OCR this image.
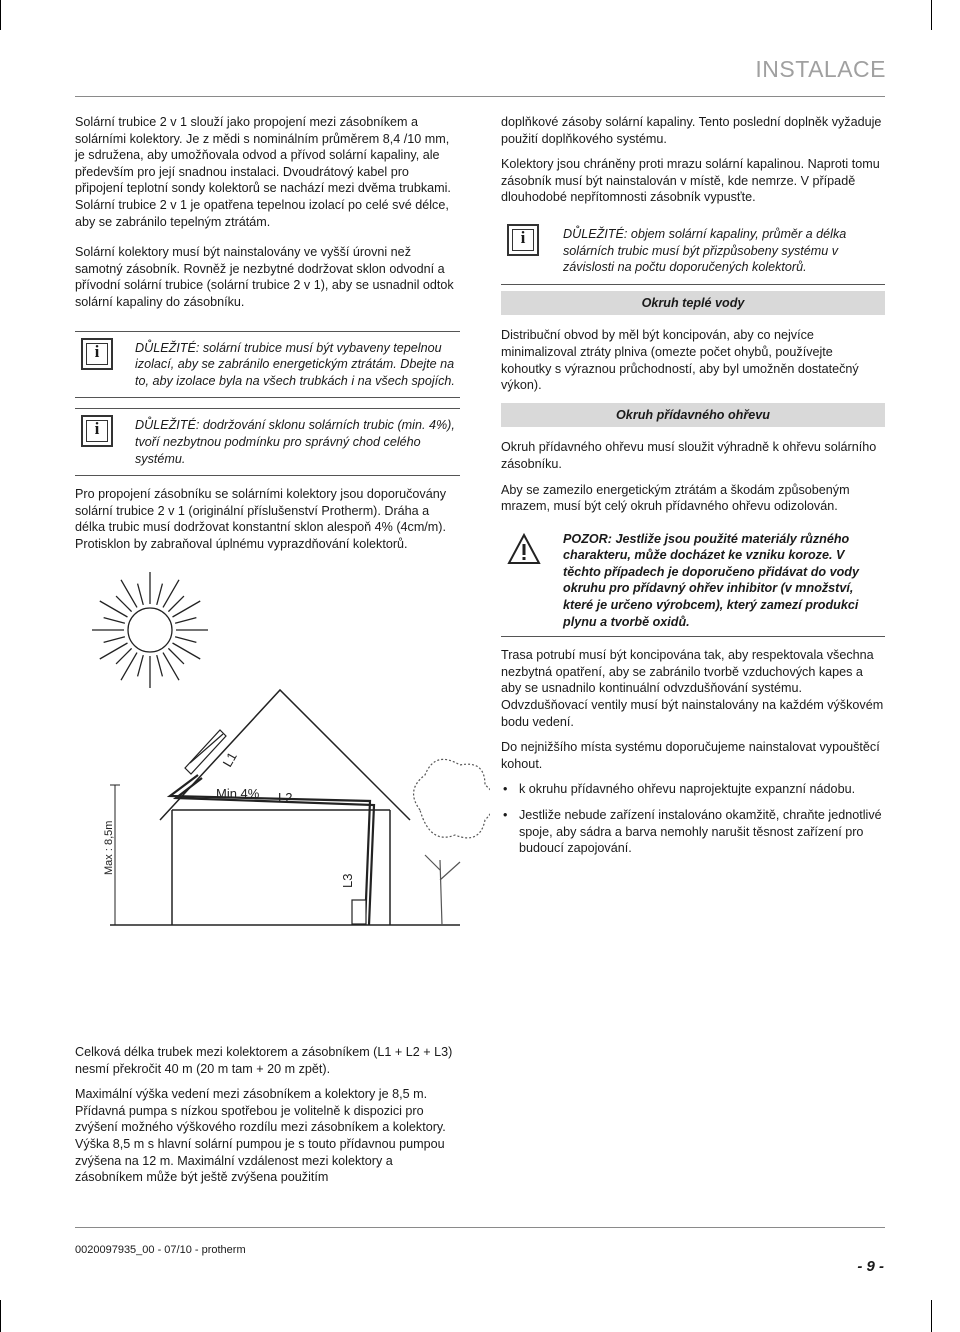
INSTALACE

Solární trubice 2 v 1 slouží jako propojení mezi zásobníkem a solárními kolektory. Je z mědi s nominálním průměrem 8,4 /10 mm, je sdružena, aby umožňovala odvod a přívod solární kapaliny, ale především pro její snadnou instalaci. Dvoudrátový kabel pro připojení teplotní sondy kolektorů se nachází mezi dvěma trubkami. Solární trubice 2 v 1 je opatřena tepelnou izolací po celé své délce, aby se zabránilo tepelným ztrátám.

Solární kolektory musí být nainstalovány ve vyšší úrovni než samotný zásobník. Rovněž je nezbytné dodržovat sklon odvodní a přívodní solární trubice (solární trubice 2 v 1), aby se usnadnil odtok solární kapaliny do zásobníku.

i	DŮLEŽITÉ: solární trubice musí být vybaveny tepelnou izolací, aby se zabránilo energetickým ztrátám. Dbejte na to, aby izolace byla na všech trubkách i na všech spojích.

i	DŮLEŽITÉ: dodržování sklonu solárních trubic (min. 4%), tvoří nezbytnou podmínku pro správný chod celého systému.

Pro propojení zásobníku se solárními kolektory jsou doporučovány solární trubice 2 v 1 (originální příslušenství Protherm). Dráha a délka trubic musí dodržovat konstantní sklon alespoň 4% (4cm/m). Protisklon by zabraňoval úplnému vyprazdňování kolektorů.

Max : 8,5m
L1
Min 4% L2
L3

Celková délka trubek mezi kolektorem a zásobníkem (L1 + L2 + L3) nesmí překročit 40 m (20 m tam + 20 m zpět).

Maximální výška vedení mezi zásobníkem a kolektory je 8,5 m. Přídavná pumpa s nízkou spotřebou je volitelně k dispozici pro zvýšení možného výškového rozdílu mezi zásobníkem a kolektory. Výška 8,5 m s hlavní solární pumpou je s touto přídavnou pumpou zvýšena na 12 m. Maximální vzdálenost mezi kolektory a zásobníkem může být ještě zvýšena použitím

doplňkové zásoby solární kapaliny. Tento poslední doplněk vyžaduje použití doplňkového systému.

Kolektory jsou chráněny proti mrazu solární kapalinou. Naproti tomu zásobník musí být nainstalován v místě, kde nemrze. V případě dlouhodobé nepřítomnosti zásobník vypusťte.

i	DŮLEŽITÉ: objem solární kapaliny, průměr a délka solárních trubic musí být přizpůsobeny systému v závislosti na počtu doporučených kolektorů.

Okruh teplé vody

Distribuční obvod by měl být koncipován, aby co nejvíce minimalizoval ztráty plniva (omezte počet ohybů, používejte kohoutky s výraznou průchodností, aby byl umožněn dostatečný výkon).

Okruh přídavného ohřevu

Okruh přídavného ohřevu musí sloužit výhradně k ohřevu solárního zásobníku.

Aby se zamezilo energetickým ztrátám a škodám způsobeným mrazem, musí být celý okruh přídavného ohřevu odizolován.

POZOR: Jestliže jsou použité materiály různého charakteru, může docházet ke vzniku koroze. V těchto případech je doporučeno přidávat do vody okruhu pro přídavný ohřev inhibitor (v množství, které je určeno výrobcem), který zamezí produkci plynu a tvorbě oxidů.

Trasa potrubí musí být koncipována tak, aby respektovala všechna nezbytná opatření, aby se zabránilo tvorbě vzduchových kapes a aby se usnadnilo kontinuální odvzdušňování systému. Odvzdušňovací ventily musí být nainstalovány na každém výškovém bodu vedení.

Do nejnižšího místa systému doporučujeme nainstalovat vypouštěcí kohout.

• k okruhu přídavného ohřevu naprojektujte expanzní nádobu.
• Jestliže nebude zařízení instalováno okamžitě, chraňte jednotlivé spoje, aby sádra a barva nemohly narušit těsnost zařízení pro budoucí zapojování.
0020097935_00 - 07/10 - protherm
- 9 -
